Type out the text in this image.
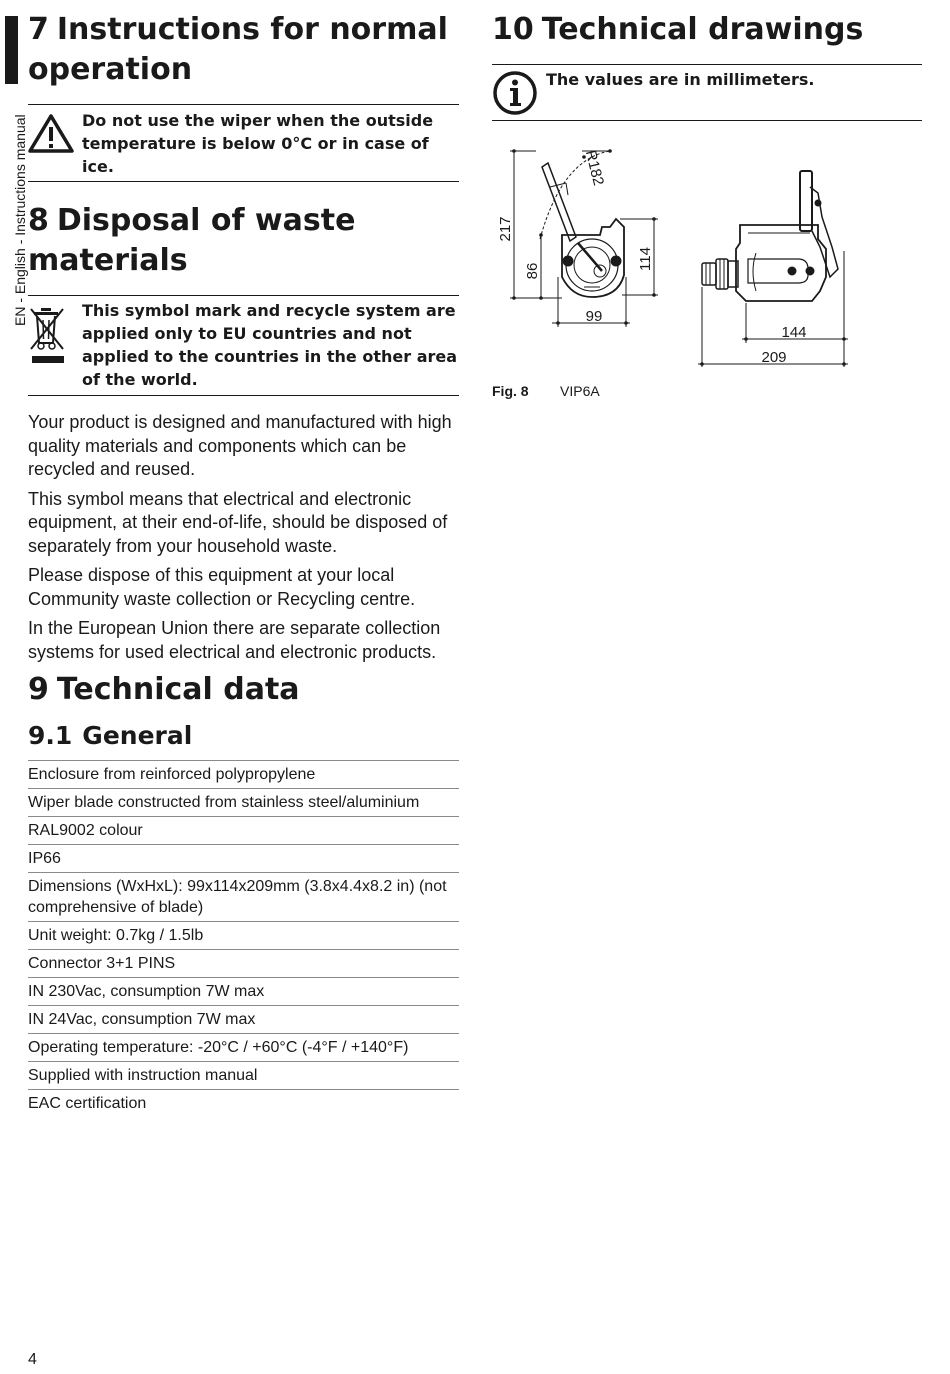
EN - English - Instructions manual
7 Instructions for normal operation
Do not use the wiper when the outside temperature is below 0°C or in case of ice.
8 Disposal of waste materials
This symbol mark and recycle system are applied only to EU countries and not applied to the countries in the other area of the world.

Your product is designed and manufactured with high quality materials and components which can be recycled and reused.

This symbol means that electrical and electronic equipment, at their end-of-life, should be disposed of separately from your household waste.

Please dispose of this equipment at your local Community waste collection or Recycling centre.

In the European Union there are separate collection systems for used electrical and electronic products.

9 Technical data
9.1 General
Enclosure from reinforced polypropylene
Wiper blade constructed from stainless steel/aluminium
RAL9002 colour
IP66
Dimensions (WxHxL): 99x114x209mm (3.8x4.4x8.2 in) (not comprehensive of blade)
Unit weight: 0.7kg / 1.5lb
Connector 3+1 PINS
IN 230Vac, consumption 7W max
IN 24Vac, consumption 7W max
Operating temperature: -20°C / +60°C (-4°F / +140°F)
Supplied with instruction manual
EAC certification
10 Technical drawings
The values are in millimeters.
217
R182
86
114
99
144
209
Fig. 8	VIP6A
4
